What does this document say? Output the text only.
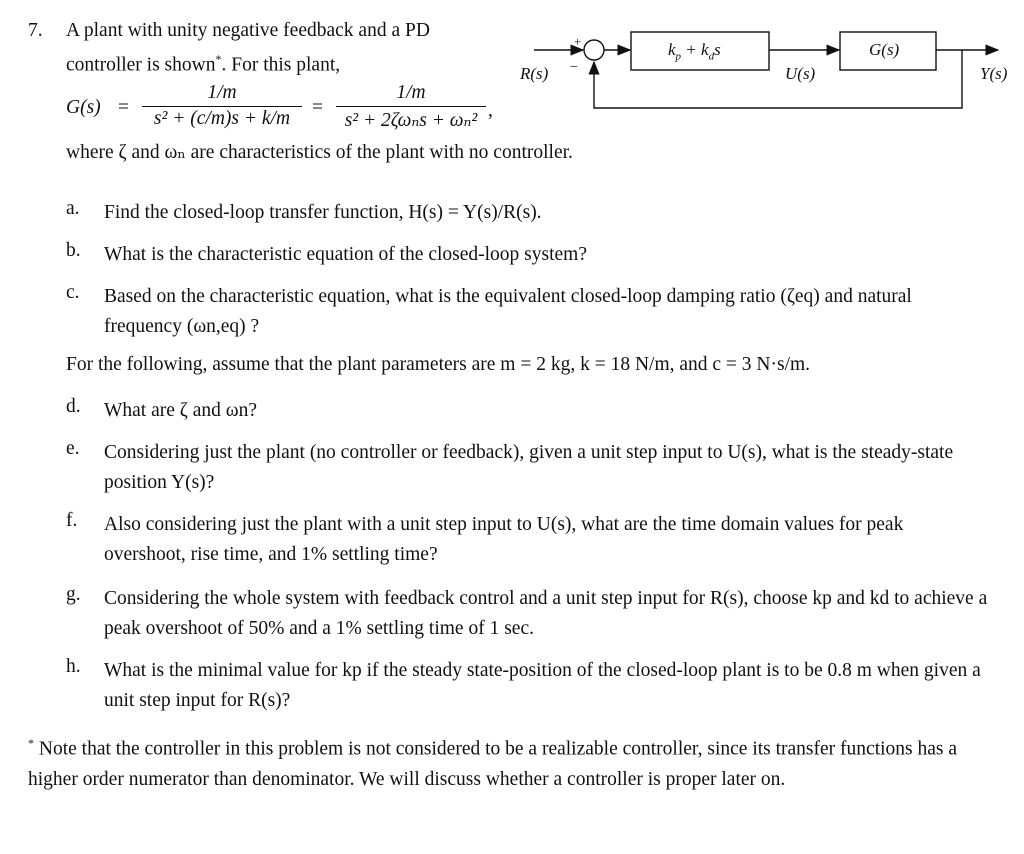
7. A plant with unity negative feedback and a PD
controller is shown*. For this plant,
G(s) =
1/m
s² + (c/m)s + k/m
=
1/m
s² + 2ζωₙs + ωₙ² ,
where ζ and ωₙ are characteristics of the plant with no controller.
+
−
R(s)
$k_p + k_ds$
U(s)
G(s)
Y(s)
a.	Find the closed-loop transfer function, H(s) = Y(s)/R(s).
b. What is the characteristic equation of the closed-loop system?
c.	Based on the characteristic equation, what is the equivalent closed-loop damping ratio (ζeq) and natural frequency (ωn,eq) ?
For the following, assume that the plant parameters are m = 2 kg, k = 18 N/m, and c = 3 N·s/m.
d. What are ζ and ωn?
e.	Considering just the plant (no controller or feedback), given a unit step input to U(s), what is the steady-state position Y(s)?
f.	Also considering just the plant with a unit step input to U(s), what are the time domain values for peak overshoot, rise time, and 1% settling time?
g. Considering the whole system with feedback control and a unit step input for R(s), choose kp and kd to achieve a peak overshoot of 50% and a 1% settling time of 1 sec.
h. What is the minimal value for kp if the steady state-position of the closed-loop plant is to be 0.8 m when given a unit step input for R(s)?
* Note that the controller in this problem is not considered to be a realizable controller, since its transfer functions has a higher order numerator than denominator. We will discuss whether a controller is proper later on.
